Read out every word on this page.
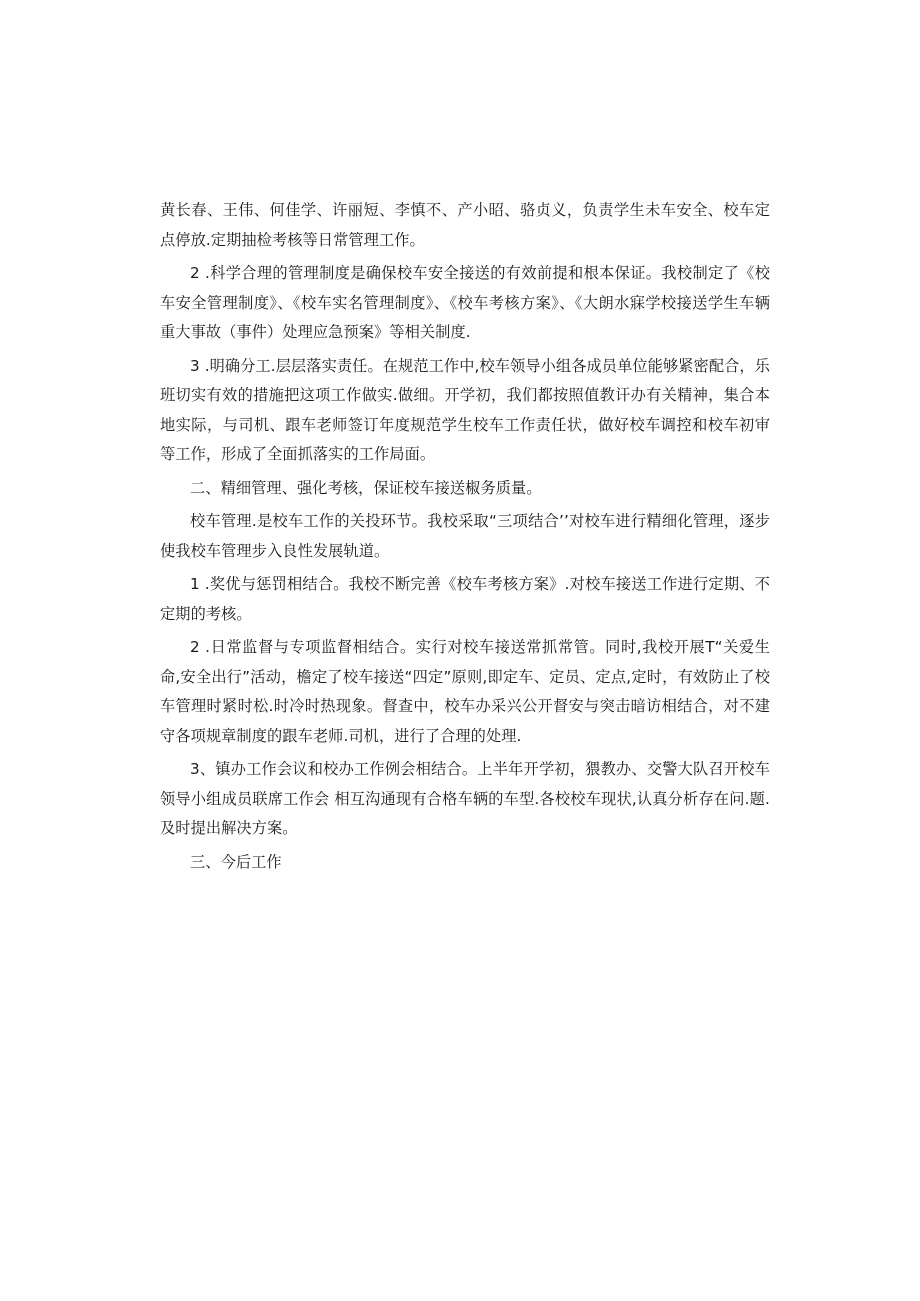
黄长春、王伟、何佳学、许丽短、李慎不、产小昭、骆贞义，负责学生未车安全、校车定点停放.定期抽检考核等日常管理工作。

2 .科学合理的管理制度是确保校车安全接送的有效前提和根本保证。我校制定了《校车安全管理制度》、《校车实名管理制度》、《校车考核方案》、《大朗水寐学校接送学生车辆重大事故（事件）处理应急预案》等相关制度.

3 .明确分工.层层落实责任。在规范工作中,校车领导小组各成员单位能够紧密配合，乐班切实有效的措施把这项工作做实.做细。开学初，我们都按照值教讦办有关精神，集合本地实际，与司机、跟车老师签订年度规范学生校车工作责任状，做好校车调控和校车初审等工作，形成了全面抓落实的工作局面。

二、精细管理、强化考核，保证校车接送椒务质量。

校车管理.是校车工作的关投环节。我校采取“三项结合’’对校车进行精细化管理，逐步使我校车管理步入良性发展轨道。

1 .奖优与惩罚相结合。我校不断完善《校车考核方案》.对校车接送工作进行定期、不定期的考核。

2 .日常监督与专项监督相结合。实行对校车接送常抓常管。同时,我校开展T“关爱生命,安全出行”活动，檐定了校车接送“四定”原则,即定车、定员、定点,定时，有效防止了校车管理时紧时松.时冷时热现象。督查中，校车办采兴公开督安与突击暗访相结合，对不建守各项规章制度的跟车老师.司机，进行了合理的处理.

3、镇办工作会议和校办工作例会相结合。上半年开学初，猥教办、交警大队召开校车领导小组成员联席工作会 相互沟通现有合格车辆的车型.各校校车现状,认真分析存在问.题.及时提出解决方案。

三、今后工作
